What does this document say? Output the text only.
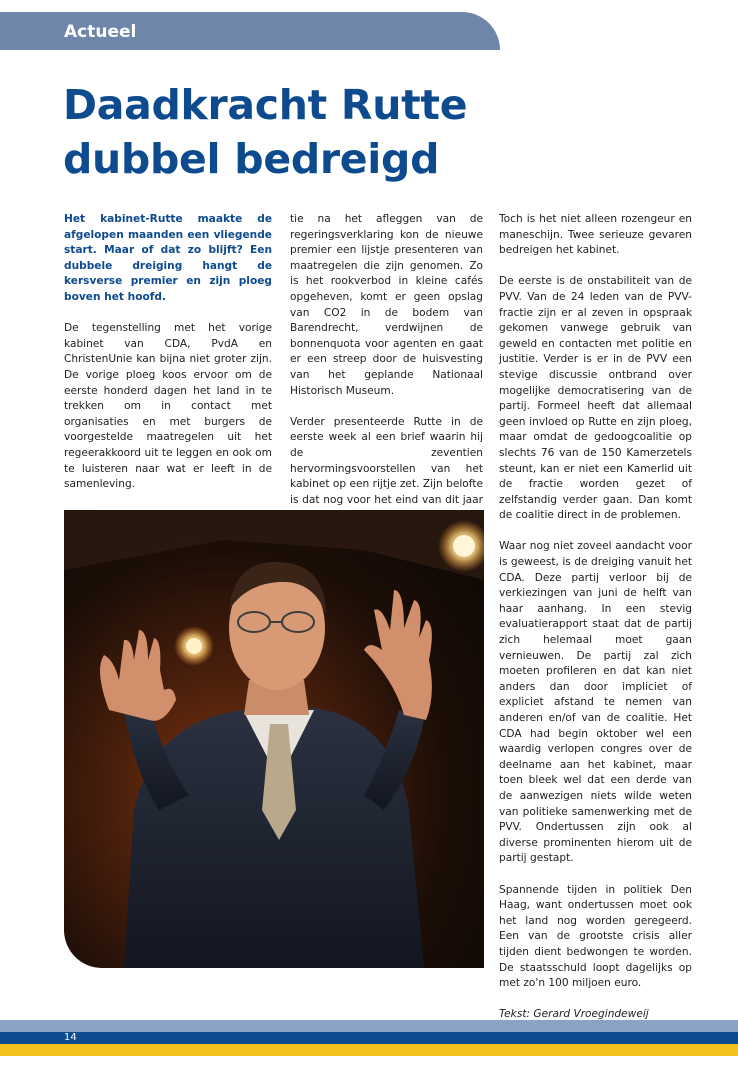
Actueel
Daadkracht Rutte
dubbel bedreigd

Het kabinet-Rutte maakte de afgelopen maanden een vliegende start. Maar of dat zo blijft? Een dubbele dreiging hangt de kersverse premier en zijn ploeg boven het hoofd.

De tegenstelling met het vorige kabinet van CDA, PvdA en ChristenUnie kan bijna niet groter zijn. De vorige ploeg koos ervoor om de eerste honderd dagen het land in te trekken om in contact met organisaties en met burgers de voorgestelde maatregelen uit het regeerakkoord uit te leggen en ook om te luisteren naar wat er leeft in de samenleving.

tie na het afleggen van de regeringsverklaring kon de nieuwe premier een lijstje presenteren van maatregelen die zijn genomen. Zo is het rookverbod in kleine cafés opgeheven, komt er geen opslag van CO2 in de bodem van Barendrecht, verdwijnen de bonnenquota voor agenten en gaat er een streep door de huisvesting van het geplande Nationaal Historisch Museum.

Verder presenteerde Rutte in de eerste week al een brief waarin hij de zeventien hervormingsvoorstellen van het kabinet op een rijtje zet. Zijn belofte is dat nog voor het eind van dit jaar

Toch is het niet alleen rozengeur en maneschijn. Twee serieuze gevaren bedreigen het kabinet.

De eerste is de onstabiliteit van de PVV. Van de 24 leden van de PVV-fractie zijn er al zeven in opspraak gekomen vanwege gebruik van geweld en contacten met politie en justitie. Verder is er in de PVV een stevige discussie ontbrand over mogelijke democratisering van de partij. Formeel heeft dat allemaal geen invloed op Rutte en zijn ploeg, maar omdat de gedoogcoalitie op slechts 76 van de 150 Kamerzetels steunt, kan er niet een Kamerlid uit de fractie worden gezet of zelfstandig verder gaan. Dan komt de coalitie direct in de problemen.

Waar nog niet zoveel aandacht voor is geweest, is de dreiging vanuit het CDA. Deze partij verloor bij de verkiezingen van juni de helft van haar aanhang. In een stevig evaluatierapport staat dat de partij zich helemaal moet gaan vernieuwen. De partij zal zich moeten profileren en dat kan niet anders dan door impliciet of expliciet afstand te nemen van anderen en/of van de coalitie. Het CDA had begin oktober wel een waardig verlopen congres over de deelname aan het kabinet, maar toen bleek wel dat een derde van de aanwezigen niets wilde weten van politieke samenwerking met de PVV. Ondertussen zijn ook al diverse prominenten hierom uit de partij gestapt.

Spannende tijden in politiek Den Haag, want ondertussen moet ook het land nog worden geregeerd. Een van de grootste crisis aller tijden dient bedwongen te worden. De staatsschuld loopt dagelijks op met zo'n 100 miljoen euro.

Tekst: Gerard Vroegindeweij

14
